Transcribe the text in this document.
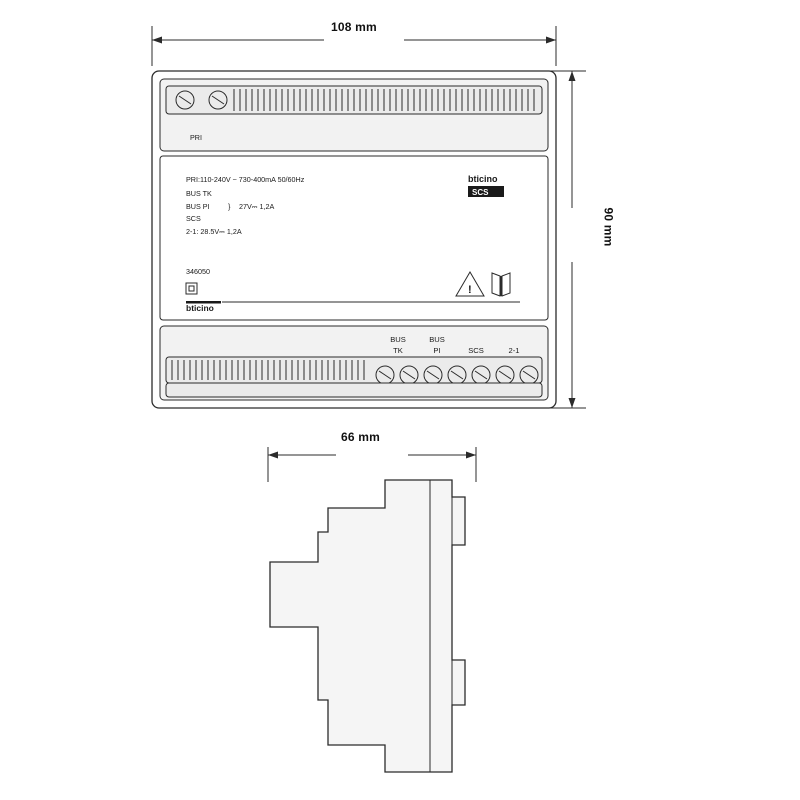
108 mm
90 mm
66 mm
PRI
PRI:110-240V ~ 730-400mA 50/60Hz
BUS TK
BUS PI	} 27V⎓ 1,2A
SCS
2-1: 28.5V⎓ 1,2A
346050
bticino
SCS
!
bticino
BUS
TK
BUS
PI	SCS	2-1
